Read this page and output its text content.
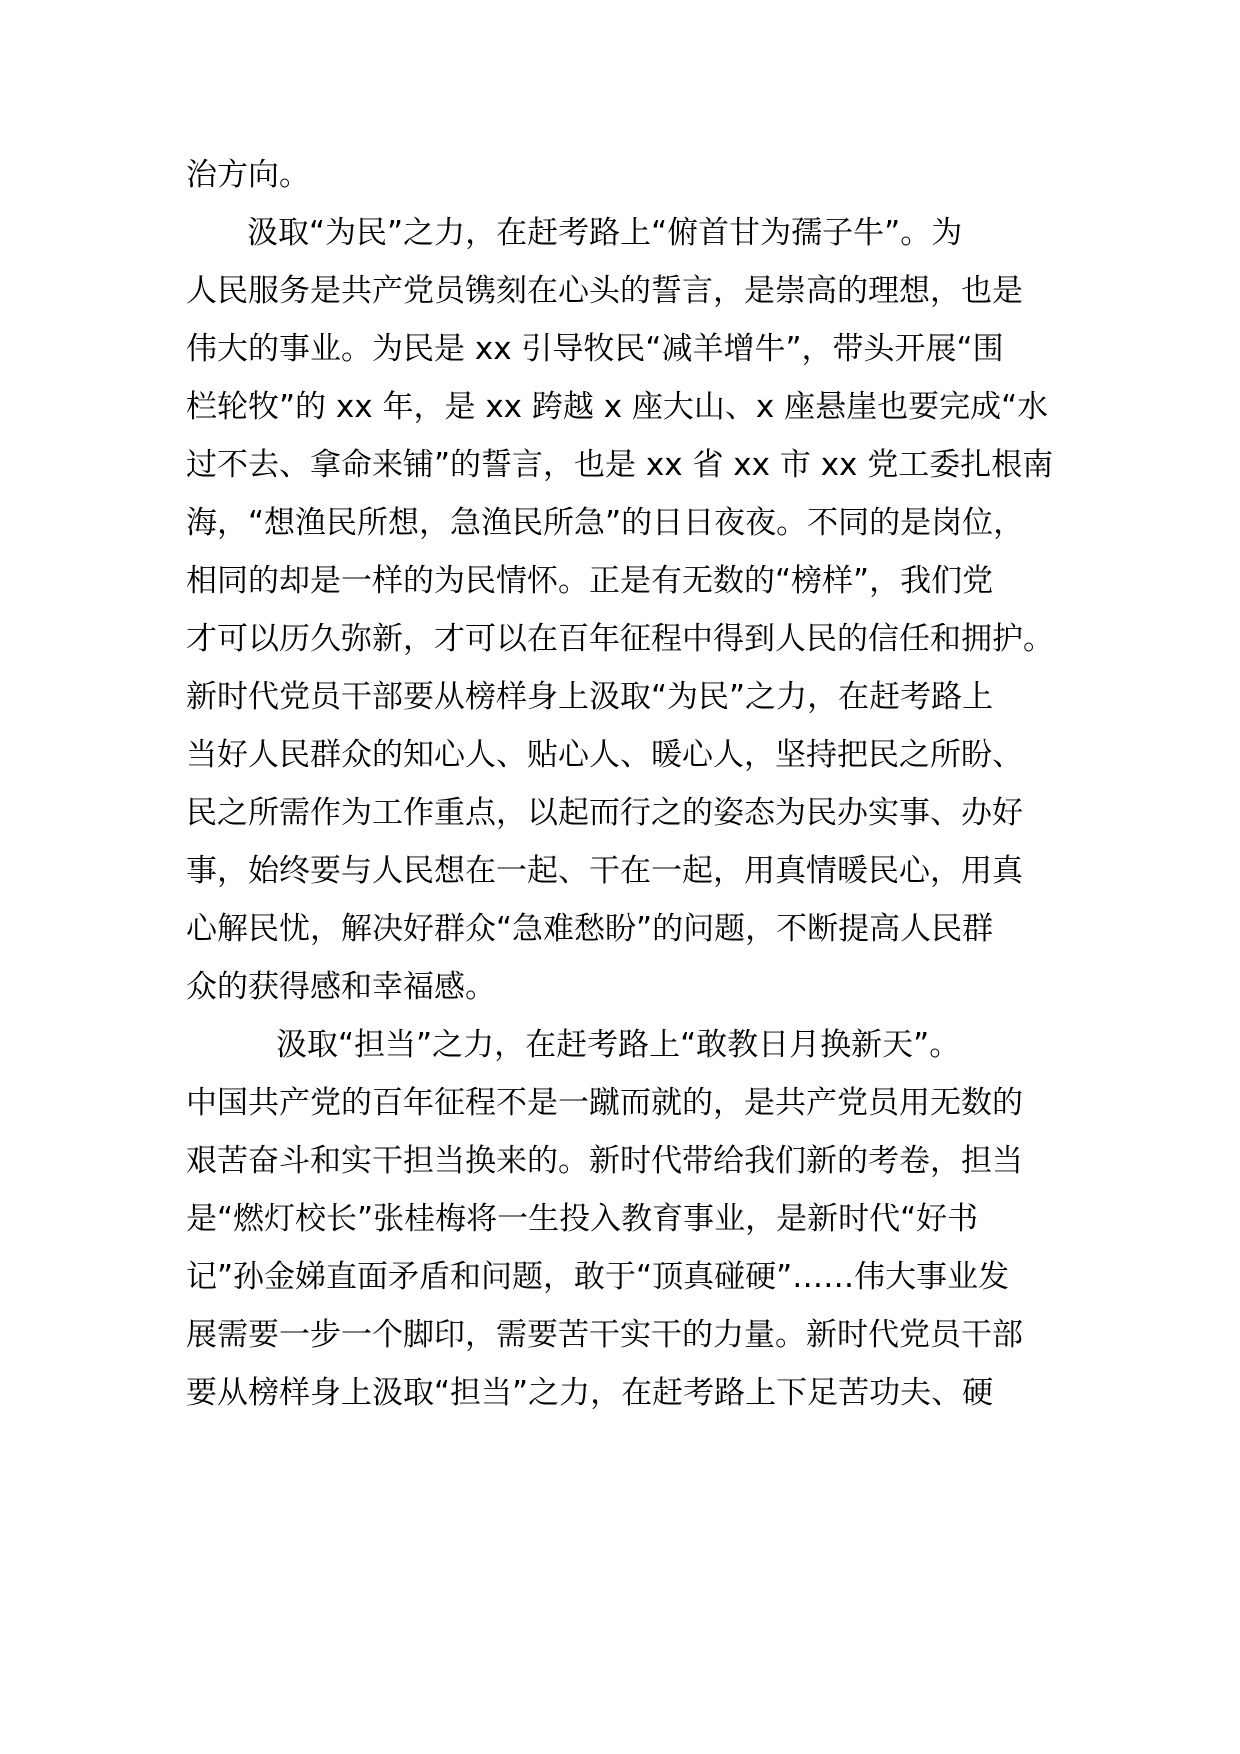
治方向。
汲取“为民”之力，在赶考路上“俯首甘为孺子牛”。为
人民服务是共产党员镌刻在心头的誓言，是崇高的理想，也是
伟大的事业。为民是 xx 引导牧民“减羊增牛”，带头开展“围
栏轮牧”的 xx 年，是 xx 跨越 x 座大山、x 座悬崖也要完成“水
过不去、拿命来铺”的誓言，也是 xx 省 xx 市 xx 党工委扎根南
海，“想渔民所想，急渔民所急”的日日夜夜。不同的是岗位，
相同的却是一样的为民情怀。正是有无数的“榜样”，我们党
才可以历久弥新，才可以在百年征程中得到人民的信任和拥护。
新时代党员干部要从榜样身上汲取“为民”之力，在赶考路上
当好人民群众的知心人、贴心人、暖心人，坚持把民之所盼、
民之所需作为工作重点，以起而行之的姿态为民办实事、办好
事，始终要与人民想在一起、干在一起，用真情暖民心，用真
心解民忧，解决好群众“急难愁盼”的问题，不断提高人民群
众的获得感和幸福感。
汲取“担当”之力，在赶考路上“敢教日月换新天”。
中国共产党的百年征程不是一蹴而就的，是共产党员用无数的
艰苦奋斗和实干担当换来的。新时代带给我们新的考卷，担当
是“燃灯校长”张桂梅将一生投入教育事业，是新时代“好书
记”孙金娣直面矛盾和问题，敢于“顶真碰硬”……伟大事业发
展需要一步一个脚印，需要苦干实干的力量。新时代党员干部
要从榜样身上汲取“担当”之力，在赶考路上下足苦功夫、硬
